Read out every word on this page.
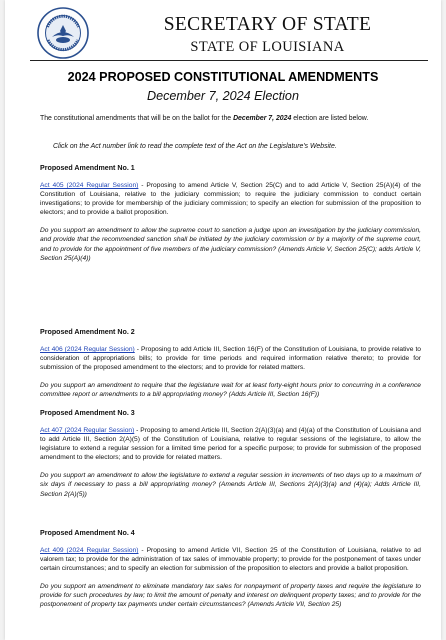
SECRETARY OF STATE
STATE OF LOUISIANA
2024 PROPOSED CONSTITUTIONAL AMENDMENTS
December 7, 2024 Election
The constitutional amendments that will be on the ballot for the December 7, 2024 election are listed below.
Click on the Act number link to read the complete text of the Act on the Legislature's Website.
Proposed Amendment No. 1
Act 405 (2024 Regular Session) - Proposing to amend Article V, Section 25(C) and to add Article V, Section 25(A)(4) of the Constitution of Louisiana, relative to the judiciary commission; to require the judiciary commission to conduct certain investigations; to provide for membership of the judiciary commission; to specify an election for submission of the proposition to electors; and to provide a ballot proposition.
Do you support an amendment to allow the supreme court to sanction a judge upon an investigation by the judiciary commission, and provide that the recommended sanction shall be initiated by the judiciary commission or by a majority of the supreme court, and to provide for the appointment of five members of the judiciary commission? (Amends Article V, Section 25(C); adds Article V, Section 25(A)(4))
Proposed Amendment No. 2
Act 406 (2024 Regular Session) - Proposing to add Article III, Section 16(F) of the Constitution of Louisiana, to provide relative to consideration of appropriations bills; to provide for time periods and required information relative thereto; to provide for submission of the proposed amendment to the electors; and to provide for related matters.
Do you support an amendment to require that the legislature wait for at least forty-eight hours prior to concurring in a conference committee report or amendments to a bill appropriating money? (Adds Article III, Section 16(F))
Proposed Amendment No. 3
Act 407 (2024 Regular Session) - Proposing to amend Article III, Section 2(A)(3)(a) and (4)(a) of the Constitution of Louisiana and to add Article III, Section 2(A)(5) of the Constitution of Louisiana, relative to regular sessions of the legislature, to allow the legislature to extend a regular session for a limited time period for a specific purpose; to provide for submission of the proposed amendment to the electors; and to provide for related matters.
Do you support an amendment to allow the legislature to extend a regular session in increments of two days up to a maximum of six days if necessary to pass a bill appropriating money? (Amends Article III, Sections 2(A)(3)(a) and (4)(a); Adds Article III, Section 2(A)(5))
Proposed Amendment No. 4
Act 409 (2024 Regular Session) - Proposing to amend Article VII, Section 25 of the Constitution of Louisiana, relative to ad valorem tax; to provide for the administration of tax sales of immovable property; to provide for the postponement of taxes under certain circumstances; and to specify an election for submission of the proposition to electors and provide a ballot proposition.
Do you support an amendment to eliminate mandatory tax sales for nonpayment of property taxes and require the legislature to provide for such procedures by law; to limit the amount of penalty and interest on delinquent property taxes; and to provide for the postponement of property tax payments under certain circumstances? (Amends Article VII, Section 25)
